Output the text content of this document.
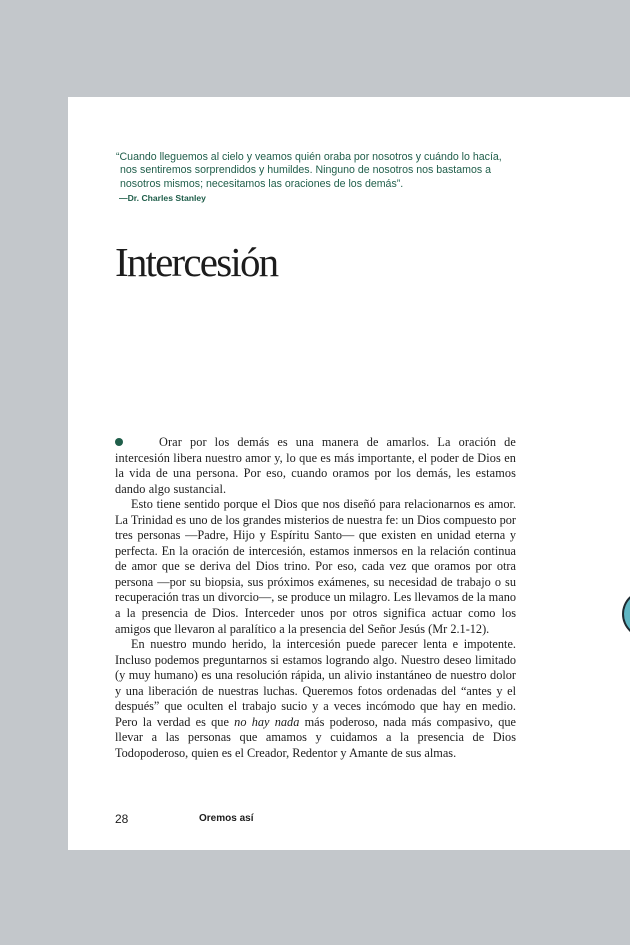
“Cuando lleguemos al cielo y veamos quién oraba por nosotros y cuándo lo hacía, nos sentiremos sorprendidos y humildes. Ninguno de nosotros nos bastamos a nosotros mismos; necesitamos las oraciones de los demás”.

—Dr. Charles Stanley

Intercesión

Orar por los demás es una manera de amarlos. La oración de intercesión libera nuestro amor y, lo que es más importante, el poder de Dios en la vida de una persona. Por eso, cuando oramos por los demás, les estamos dando algo sustancial.

Esto tiene sentido porque el Dios que nos diseñó para relacionarnos es amor. La Trinidad es uno de los grandes misterios de nuestra fe: un Dios compuesto por tres personas —Padre, Hijo y Espíritu Santo— que existen en unidad eterna y perfecta. En la oración de intercesión, estamos inmersos en la relación continua de amor que se deriva del Dios trino. Por eso, cada vez que oramos por otra persona —por su biopsia, sus próximos exámenes, su necesidad de trabajo o su recuperación tras un divorcio—, se produce un milagro. Les llevamos de la mano a la presencia de Dios. Interceder unos por otros significa actuar como los amigos que llevaron al paralítico a la presencia del Señor Jesús (Mr 2.1-12).

En nuestro mundo herido, la intercesión puede parecer lenta e impotente. Incluso podemos preguntarnos si estamos logrando algo. Nuestro deseo limitado (y muy humano) es una resolución rápida, un alivio instantáneo de nuestro dolor y una liberación de nuestras luchas. Queremos fotos ordenadas del “antes y el después” que oculten el trabajo sucio y a veces incómodo que hay en medio. Pero la verdad es que no hay nada más poderoso, nada más compasivo, que llevar a las personas que amamos y cuidamos a la presencia de Dios Todopoderoso, quien es el Creador, Redentor y Amante de sus almas.

28	Oremos así
